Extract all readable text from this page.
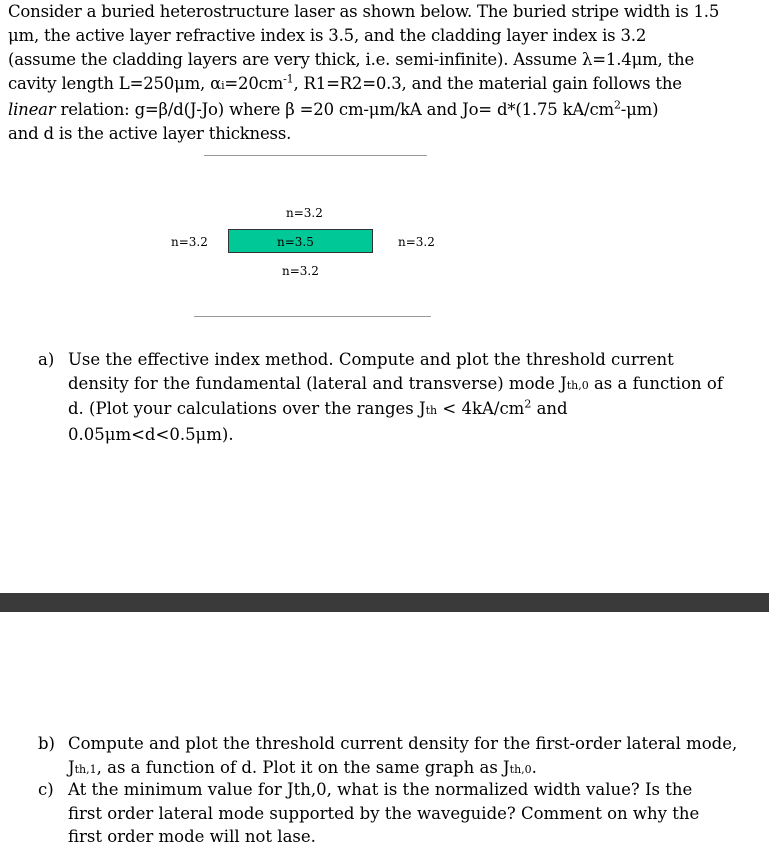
Consider a buried heterostructure laser as shown below. The buried stripe width is 1.5
μm, the active layer refractive index is 3.5, and the cladding layer index is 3.2
(assume the cladding layers are very thick, i.e. semi-infinite). Assume λ=1.4μm, the
cavity length L=250μm, $\alpha i=20cm^{-1}$, R1=R2=0.3, and the material gain follows the
linear relation: g=β/d(J-Jo) where β =20 cm-μm/kA and Jo= d*(1.75 $kA/cm^2-\mu m$)
and d is the active layer thickness.
n=3.2
n=3.2	n=3.5	n=3.2
n=3.2
a) Use the effective index method. Compute and plot the threshold current
density for the fundamental (lateral and transverse) mode Jth,0 as a function of
d. (Plot your calculations over the ranges Jth < $4kA/cm^2$ and
0.05μm<d<0.5μm).
b) Compute and plot the threshold current density for the first-order lateral mode,
Jth,1, as a function of d. Plot it on the same graph as Jth,0.
c) At the minimum value for Jth,0, what is the normalized width value? Is the
first order lateral mode supported by the waveguide? Comment on why the
first order mode will not lase.
